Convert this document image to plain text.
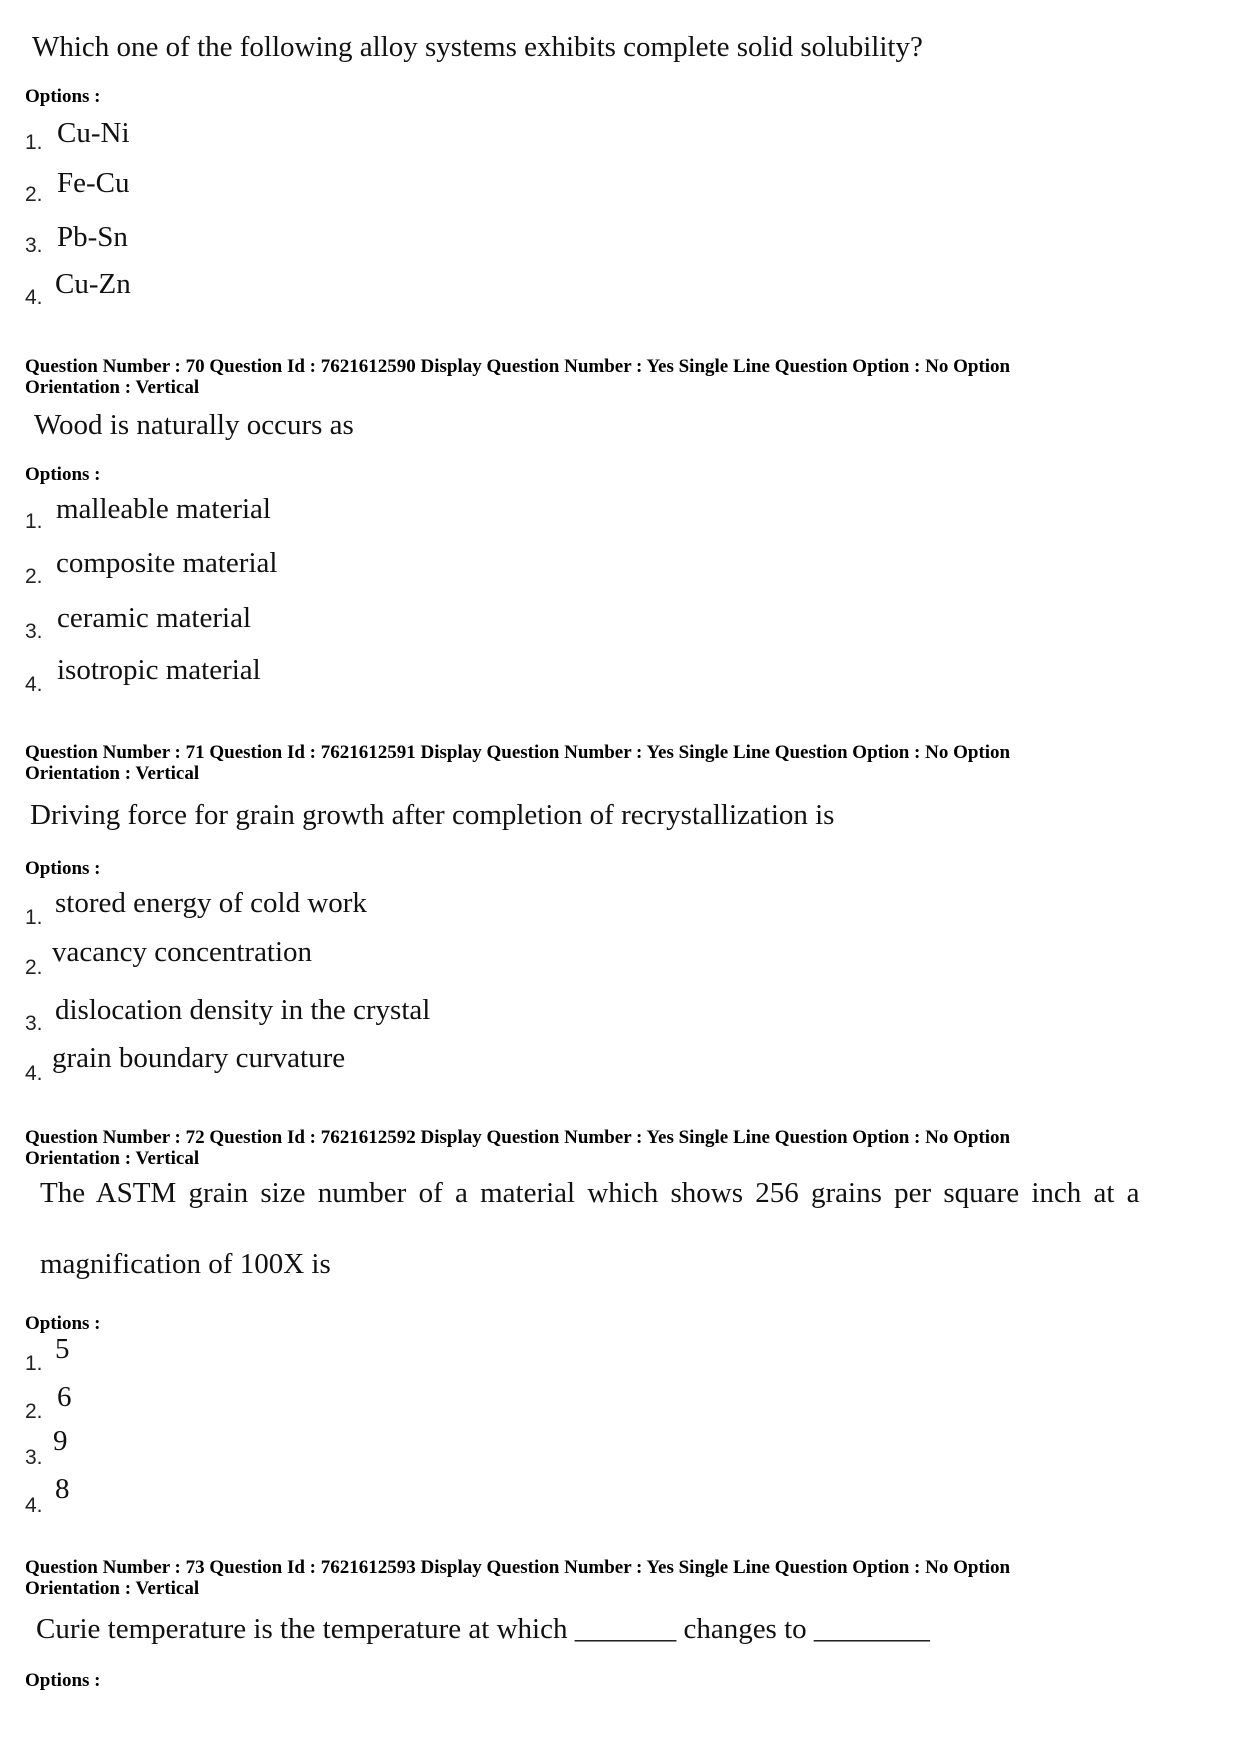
Which one of the following alloy systems exhibits complete solid solubility?
Options :
1. Cu-Ni
2. Fe-Cu
3. Pb-Sn
4. Cu-Zn
Question Number : 70 Question Id : 7621612590 Display Question Number : Yes Single Line Question Option : No Option
Orientation : Vertical
Wood is naturally occurs as
Options :
1. malleable material
2. composite material
3. ceramic material
4. isotropic material
Question Number : 71 Question Id : 7621612591 Display Question Number : Yes Single Line Question Option : No Option
Orientation : Vertical
Driving force for grain growth after completion of recrystallization is
Options :
1. stored energy of cold work
2. vacancy concentration
3. dislocation density in the crystal
4. grain boundary curvature
Question Number : 72 Question Id : 7621612592 Display Question Number : Yes Single Line Question Option : No Option
Orientation : Vertical
The ASTM grain size number of a material which shows 256 grains per square inch at a
magnification of 100X is
Options :
1. 5
2. 6
3.
9
4.
8
Question Number : 73 Question Id : 7621612593 Display Question Number : Yes Single Line Question Option : No Option
Orientation : Vertical
Curie temperature is the temperature at which _______ changes to ________
Options :
